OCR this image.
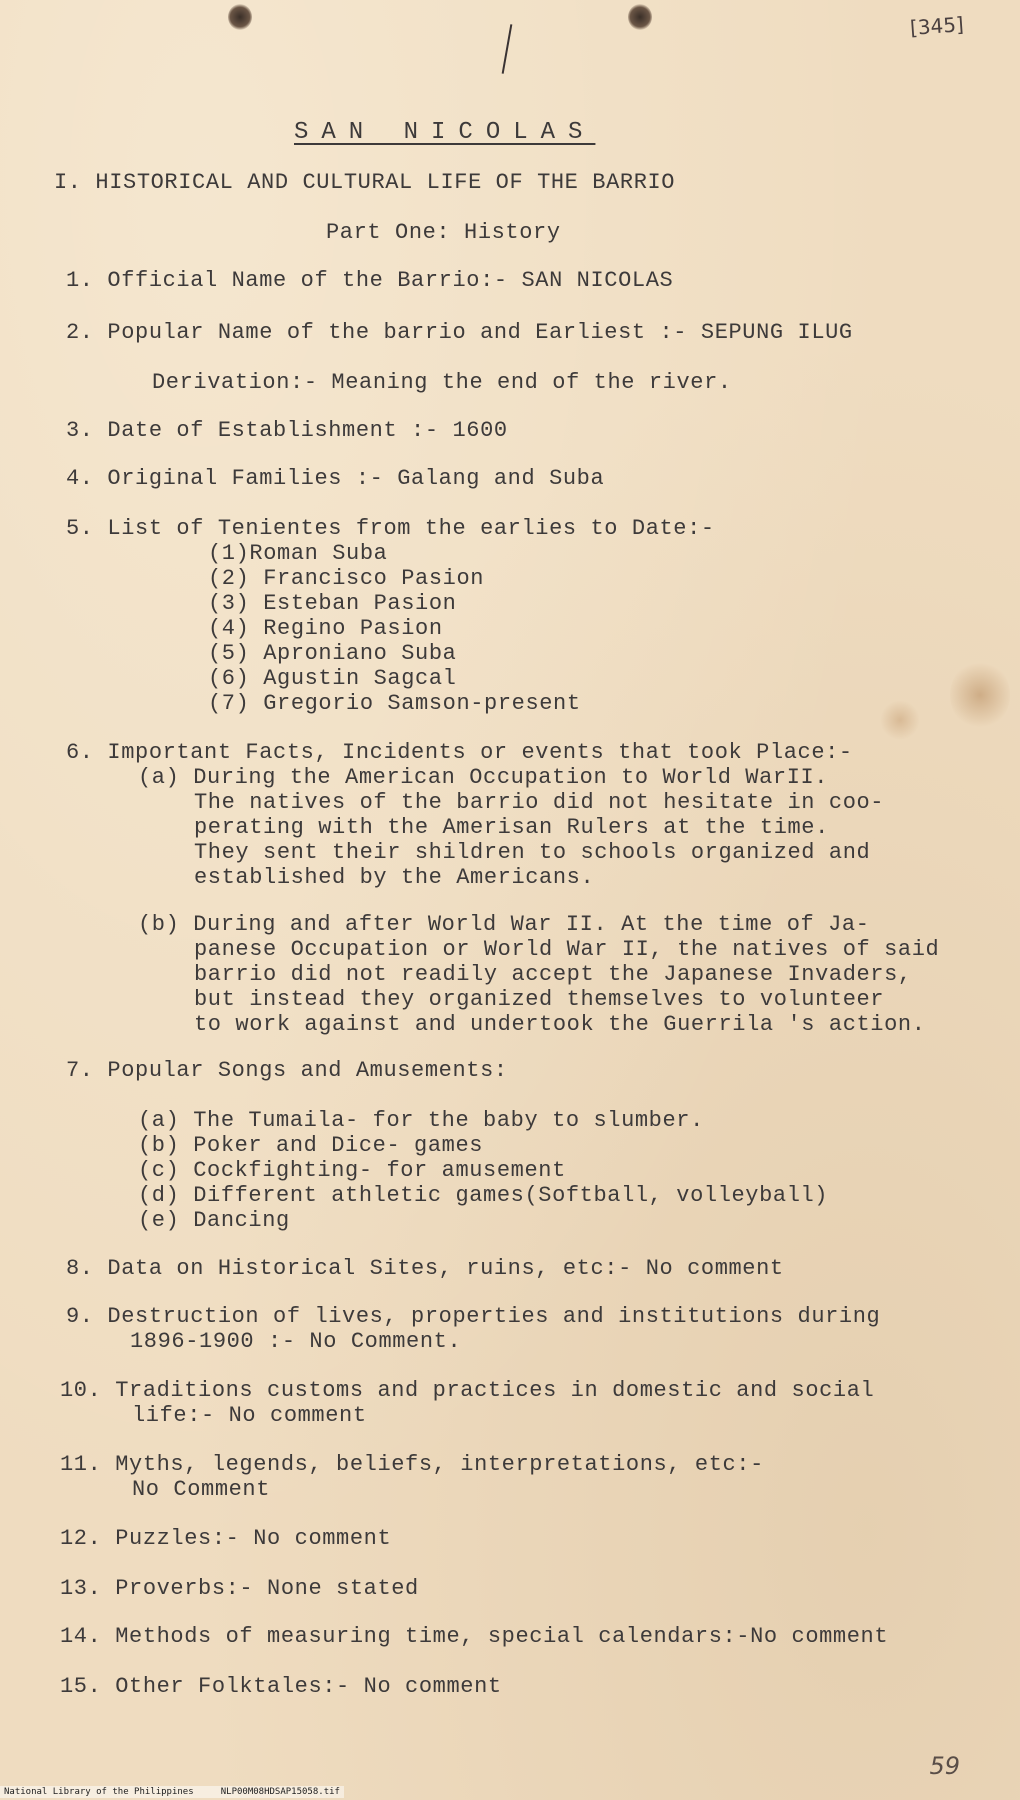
[345]
SAN NICOLAS
I. HISTORICAL AND CULTURAL LIFE OF THE BARRIO
Part One: History
1. Official Name of the Barrio:- SAN NICOLAS
2. Popular Name of the barrio and Earliest :- SEPUNG ILUG
Derivation:- Meaning the end of the river.
3. Date of Establishment :- 1600
4. Original Families :- Galang and Suba
5. List of Tenientes from the earlies to Date:-
(1)Roman Suba
(2) Francisco Pasion
(3) Esteban Pasion
(4) Regino Pasion
(5) Aproniano Suba
(6) Agustin Sagcal
(7) Gregorio Samson-present
6. Important Facts, Incidents or events that took Place:-
(a) During the American Occupation to World WarII.
The natives of the barrio did not hesitate in coo-
perating with the Amerisan Rulers at the time.
They sent their shildren to schools organized and
established by the Americans.
(b) During and after World War II. At the time of Ja-
panese Occupation or World War II, the natives of said
barrio did not readily accept the Japanese Invaders,
but instead they organized themselves to volunteer
to work against and undertook the Guerrila 's action.
7. Popular Songs and Amusements:
(a) The Tumaila- for the baby to slumber.
(b) Poker and Dice- games
(c) Cockfighting- for amusement
(d) Different athletic games(Softball, volleyball)
(e) Dancing
8. Data on Historical Sites, ruins, etc:- No comment
9. Destruction of lives, properties and institutions during
1896-1900 :- No Comment.
10. Traditions customs and practices in domestic and social
life:- No comment
11. Myths, legends, beliefs, interpretations, etc:-
No Comment
12. Puzzles:- No comment
13. Proverbs:- None stated
14. Methods of measuring time, special calendars:-No comment
15. Other Folktales:- No comment
59
National Library of the Philippines     NLP00M08HDSAP15058.tif
